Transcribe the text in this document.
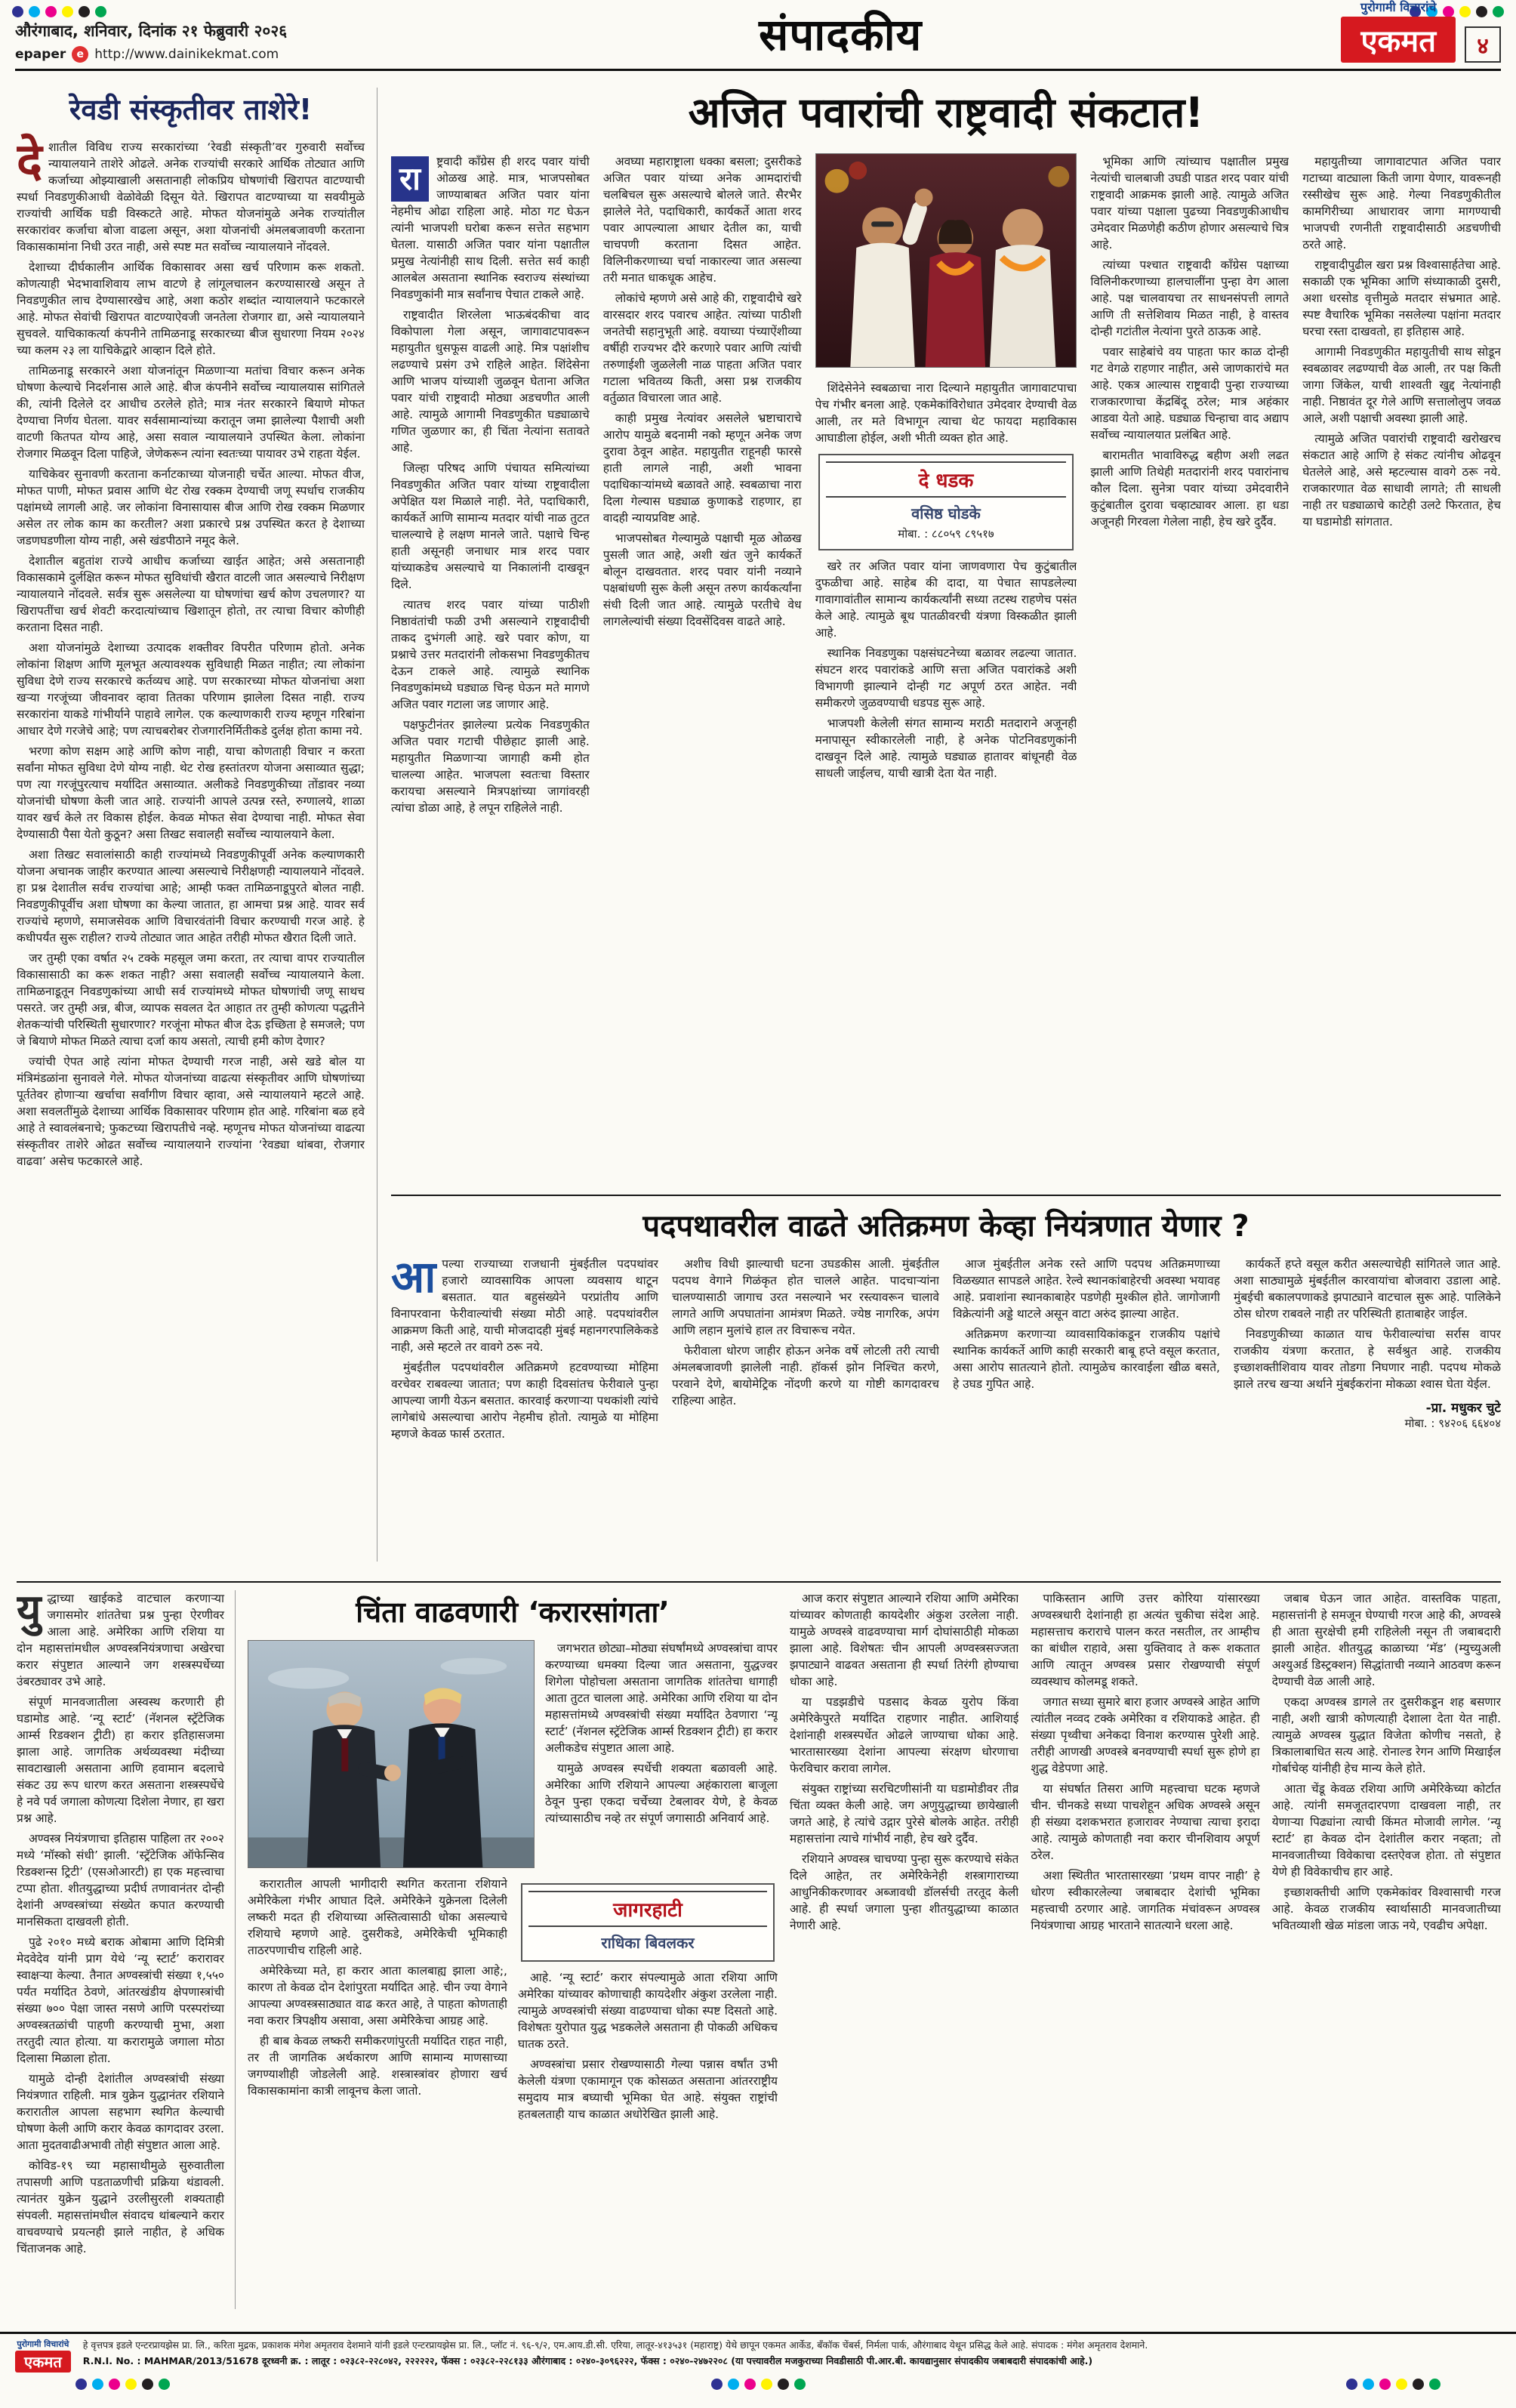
औरंगाबाद, शनिवार, दिनांक २१ फेब्रुवारी २०२६
epaper	e http://www.dainikekmat.com	संपादकीय
पुरोगामी विचारांचे
एकमत	४
रेवडी संस्कृतीवर ताशेरे!

देशातील विविध राज्य सरकारांच्या ‘रेवडी संस्कृती’वर गुरुवारी सर्वोच्च न्यायालयाने ताशेरे ओढले. अनेक राज्यांची सरकारे आर्थिक तोट्यात आणि कर्जाच्या ओझ्याखाली असतानाही लोकप्रिय घोषणांची खिरापत वाटण्याची स्पर्धा निवडणुकीआधी वेळोवेळी दिसून येते. खिरापत वाटण्याच्या या सवयीमुळे राज्यांची आर्थिक घडी विस्कटते आहे. मोफत योजनांमुळे अनेक राज्यांतील सरकारांवर कर्जाचा बोजा वाढला असून, अशा योजनांची अंमलबजावणी करताना विकासकामांना निधी उरत नाही, असे स्पष्ट मत सर्वोच्च न्यायालयाने नोंदवले.

देशाच्या दीर्घकालीन आर्थिक विकासावर असा खर्च परिणाम करू शकतो. कोणत्याही भेदभावाशिवाय लाभ वाटणे हे लांगूलचालन करण्यासारखे असून ते निवडणुकीत लाच देण्यासारखेच आहे, अशा कठोर शब्दांत न्यायालयाने फटकारले आहे. मोफत सेवांची खिरापत वाटण्याऐवजी जनतेला रोजगार द्या, असे न्यायालयाने सुचवले. याचिकाकर्त्या कंपनीने तामिळनाडू सरकारच्या बीज सुधारणा नियम २०२४ च्या कलम २३ ला याचिकेद्वारे आव्हान दिले होते.

तामिळनाडू सरकारने अशा योजनांतून मिळणाऱ्या मतांचा विचार करून अनेक घोषणा केल्याचे निदर्शनास आले आहे. बीज कंपनीने सर्वोच्च न्यायालयास सांगितले की, त्यांनी दिलेले दर आधीच ठरलेले होते; मात्र नंतर सरकारने बियाणे मोफत देण्याचा निर्णय घेतला. यावर सर्वसामान्यांच्या करातून जमा झालेल्या पैशाची अशी वाटणी कितपत योग्य आहे, असा सवाल न्यायालयाने उपस्थित केला. लोकांना रोजगार मिळवून दिला पाहिजे, जेणेकरून त्यांना स्वतःच्या पायावर उभे राहता येईल.

याचिकेवर सुनावणी करताना कर्नाटकाच्या योजनाही चर्चेत आल्या. मोफत वीज, मोफत पाणी, मोफत प्रवास आणि थेट रोख रक्कम देण्याची जणू स्पर्धाच राजकीय पक्षांमध्ये लागली आहे. जर लोकांना विनासायास बीज आणि रोख रक्कम मिळणार असेल तर लोक काम का करतील? अशा प्रकारचे प्रश्न उपस्थित करत हे देशाच्या जडणघडणीला योग्य नाही, असे खंडपीठाने नमूद केले.

देशातील बहुतांश राज्ये आधीच कर्जाच्या खाईत आहेत; असे असतानाही विकासकामे दुर्लक्षित करून मोफत सुविधांची खैरात वाटली जात असल्याचे निरीक्षण न्यायालयाने नोंदवले. सर्वत्र सुरू असलेल्या या घोषणांचा खर्च कोण उचलणार? या खिरापतींचा खर्च शेवटी करदात्यांच्याच खिशातून होतो, तर त्याचा विचार कोणीही करताना दिसत नाही.

अशा योजनांमुळे देशाच्या उत्पादक शक्तीवर विपरीत परिणाम होतो. अनेक लोकांना शिक्षण आणि मूलभूत अत्यावश्यक सुविधाही मिळत नाहीत; त्या लोकांना सुविधा देणे राज्य सरकारचे कर्तव्यच आहे. पण सरकारच्या मोफत योजनांचा अशा खऱ्या गरजूंच्या जीवनावर व्हावा तितका परिणाम झालेला दिसत नाही. राज्य सरकारांना याकडे गांभीर्याने पाहावे लागेल. एक कल्याणकारी राज्य म्हणून गरिबांना आधार देणे गरजेचे आहे; पण त्याचबरोबर रोजगारनिर्मितीकडे दुर्लक्ष होता कामा नये.

भरणा कोण सक्षम आहे आणि कोण नाही, याचा कोणताही विचार न करता सर्वांना मोफत सुविधा देणे योग्य नाही. थेट रोख हस्तांतरण योजना असाव्यात सुद्धा; पण त्या गरजूंपुरत्याच मर्यादित असाव्यात. अलीकडे निवडणुकीच्या तोंडावर नव्या योजनांची घोषणा केली जात आहे. राज्यांनी आपले उत्पन्न रस्ते, रुग्णालये, शाळा यावर खर्च केले तर विकास होईल. केवळ मोफत सेवा देण्याचा नाही. मोफत सेवा देण्यासाठी पैसा येतो कुठून? असा तिखट सवालही सर्वोच्च न्यायालयाने केला.

अशा तिखट सवालांसाठी काही राज्यांमध्ये निवडणुकीपूर्वी अनेक कल्याणकारी योजना अचानक जाहीर करण्यात आल्या असल्याचे निरीक्षणही न्यायालयाने नोंदवले. हा प्रश्न देशातील सर्वच राज्यांचा आहे; आम्ही फक्त तामिळनाडूपुरते बोलत नाही. निवडणुकीपूर्वीच अशा घोषणा का केल्या जातात, हा आमचा प्रश्न आहे. यावर सर्व राज्यांचे म्हणणे, समाजसेवक आणि विचारवंतांनी विचार करण्याची गरज आहे. हे कधीपर्यंत सुरू राहील? राज्ये तोट्यात जात आहेत तरीही मोफत खैरात दिली जाते.

जर तुम्ही एका वर्षात २५ टक्के महसूल जमा करता, तर त्याचा वापर राज्यातील विकासासाठी का करू शकत नाही? असा सवालही सर्वोच्च न्यायालयाने केला. तामिळनाडूतून निवडणुकांच्या आधी सर्व राज्यांमध्ये मोफत घोषणांची जणू साथच पसरते. जर तुम्ही अन्न, बीज, व्यापक सवलत देत आहात तर तुम्ही कोणत्या पद्धतीने शेतकऱ्यांची परिस्थिती सुधारणार? गरजूंना मोफत बीज देऊ इच्छिता हे समजले; पण जे बियाणे मोफत मिळते त्याचा दर्जा काय असतो, त्याची हमी कोण देणार?

ज्यांची ऐपत आहे त्यांना मोफत देण्याची गरज नाही, असे खडे बोल या मंत्रिमंडळांना सुनावले गेले. मोफत योजनांच्या वाढत्या संस्कृतीवर आणि घोषणांच्या पूर्ततेवर होणाऱ्या खर्चाचा सर्वांगीण विचार व्हावा, असे न्यायालयाने म्हटले आहे. अशा सवलतींमुळे देशाच्या आर्थिक विकासावर परिणाम होत आहे. गरिबांना बळ हवे आहे ते स्वावलंबनाचे; फुकटच्या खिरापतीचे नव्हे. म्हणूनच मोफत योजनांच्या वाढत्या संस्कृतीवर ताशेरे ओढत सर्वोच्च न्यायालयाने राज्यांना ‘रेवड्या थांबवा, रोजगार वाढवा’ असेच फटकारले आहे.

अजित पवारांची राष्ट्रवादी संकटात!

रा	ष्ट्रवादी काँग्रेस ही शरद पवार यांची ओळख आहे. मात्र, भाजपसोबत जाण्याबाबत अजित पवार यांना नेहमीच ओढा राहिला आहे. मोठा गट घेऊन त्यांनी भाजपशी घरोबा करून सत्तेत सहभाग घेतला. यासाठी अजित पवार यांना पक्षातील प्रमुख नेत्यांनीही साथ दिली. सत्तेत सर्व काही आलबेल असताना स्थानिक स्वराज्य संस्थांच्या निवडणुकांनी मात्र सर्वांनाच पेचात टाकले आहे.

राष्ट्रवादीत शिरलेला भाऊबंदकीचा वाद विकोपाला गेला असून, जागावाटपावरून महायुतीत धुसफूस वाढली आहे. मित्र पक्षांशीच लढण्याचे प्रसंग उभे राहिले आहेत. शिंदेसेना आणि भाजप यांच्याशी जुळवून घेताना अजित पवार यांची राष्ट्रवादी मोठ्या अडचणीत आली आहे. त्यामुळे आगामी निवडणुकीत घड्याळाचे गणित जुळणार का, ही चिंता नेत्यांना सतावते आहे.

जिल्हा परिषद आणि पंचायत समित्यांच्या निवडणुकीत अजित पवार यांच्या राष्ट्रवादीला अपेक्षित यश मिळाले नाही. नेते, पदाधिकारी, कार्यकर्ते आणि सामान्य मतदार यांची नाळ तुटत चालल्याचे हे लक्षण मानले जाते. पक्षाचे चिन्ह हाती असूनही जनाधार मात्र शरद पवार यांच्याकडेच असल्याचे या निकालांनी दाखवून दिले.

त्यातच शरद पवार यांच्या पाठीशी निष्ठावंतांची फळी उभी असल्याने राष्ट्रवादीची ताकद दुभंगली आहे. खरे पवार कोण, या प्रश्नाचे उत्तर मतदारांनी लोकसभा निवडणुकीतच देऊन टाकले आहे. त्यामुळे स्थानिक निवडणुकांमध्ये घड्याळ चिन्ह घेऊन मते मागणे अजित पवार गटाला जड जाणार आहे.

पक्षफुटीनंतर झालेल्या प्रत्येक निवडणुकीत अजित पवार गटाची पीछेहाट झाली आहे. महायुतीत मिळणाऱ्या जागाही कमी होत चालल्या आहेत. भाजपला स्वतःचा विस्तार करायचा असल्याने मित्रपक्षांच्या जागांवरही त्यांचा डोळा आहे, हे लपून राहिलेले नाही.

अवघ्या महाराष्ट्राला धक्का बसला; दुसरीकडे अजित पवार यांच्या अनेक आमदारांची चलबिचल सुरू असल्याचे बोलले जाते. सैरभैर झालेले नेते, पदाधिकारी, कार्यकर्ते आता शरद पवार आपल्याला आधार देतील का, याची चाचपणी करताना दिसत आहेत. विलिनीकरणाच्या चर्चा नाकारल्या जात असल्या तरी मनात धाकधूक आहेच.

लोकांचे म्हणणे असे आहे की, राष्ट्रवादीचे खरे वारसदार शरद पवारच आहेत. त्यांच्या पाठीशी जनतेची सहानुभूती आहे. वयाच्या पंच्याऐंशीव्या वर्षीही राज्यभर दौरे करणारे पवार आणि त्यांची तरुणाईशी जुळलेली नाळ पाहता अजित पवार गटाला भवितव्य किती, असा प्रश्न राजकीय वर्तुळात विचारला जात आहे.

काही प्रमुख नेत्यांवर असलेले भ्रष्टाचाराचे आरोप यामुळे बदनामी नको म्हणून अनेक जण दुरावा ठेवून आहेत. महायुतीत राहूनही फारसे हाती लागले नाही, अशी भावना पदाधिकाऱ्यांमध्ये बळावते आहे. स्वबळाचा नारा दिला गेल्यास घड्याळ कुणाकडे राहणार, हा वादही न्यायप्रविष्ट आहे.

भाजपसोबत गेल्यामुळे पक्षाची मूळ ओळख पुसली जात आहे, अशी खंत जुने कार्यकर्ते बोलून दाखवतात. शरद पवार यांनी नव्याने पक्षबांधणी सुरू केली असून तरुण कार्यकर्त्यांना संधी दिली जात आहे. त्यामुळे परतीचे वेध लागलेल्यांची संख्या दिवसेंदिवस वाढते आहे.

शिंदेसेनेने स्वबळाचा नारा दिल्याने महायुतीत जागावाटपाचा पेच गंभीर बनला आहे. एकमेकांविरोधात उमेदवार देण्याची वेळ आली, तर मते विभागून त्याचा थेट फायदा महाविकास आघाडीला होईल, अशी भीती व्यक्त होत आहे.

दे धडक
वसिष्ठ घोडके
मोबा. : ८८०५९ ८९५१७

खरे तर अजित पवार यांना जाणवणारा पेच कुटुंबातील दुफळीचा आहे. साहेब की दादा, या पेचात सापडलेल्या गावागावांतील सामान्य कार्यकर्त्यांनी सध्या तटस्थ राहणेच पसंत केले आहे. त्यामुळे बूथ पातळीवरची यंत्रणा विस्कळीत झाली आहे.

स्थानिक निवडणुका पक्षसंघटनेच्या बळावर लढल्या जातात. संघटन शरद पवारांकडे आणि सत्ता अजित पवारांकडे अशी विभागणी झाल्याने दोन्ही गट अपूर्ण ठरत आहेत. नवी समीकरणे जुळवण्याची धडपड सुरू आहे.

भाजपशी केलेली संगत सामान्य मराठी मतदाराने अजूनही मनापासून स्वीकारलेली नाही, हे अनेक पोटनिवडणुकांनी दाखवून दिले आहे. त्यामुळे घड्याळ हातावर बांधूनही वेळ साधली जाईलच, याची खात्री देता येत नाही.

भूमिका आणि त्यांच्याच पक्षातील प्रमुख नेत्यांची चालबाजी उघडी पाडत शरद पवार यांची राष्ट्रवादी आक्रमक झाली आहे. त्यामुळे अजित पवार यांच्या पक्षाला पुढच्या निवडणुकीआधीच उमेदवार मिळणेही कठीण होणार असल्याचे चित्र आहे.

त्यांच्या पश्चात राष्ट्रवादी काँग्रेस पक्षाच्या विलिनीकरणाच्या हालचालींना पुन्हा वेग आला आहे. पक्ष चालवायचा तर साधनसंपत्ती लागते आणि ती सत्तेशिवाय मिळत नाही, हे वास्तव दोन्ही गटांतील नेत्यांना पुरते ठाऊक आहे.

पवार साहेबांचे वय पाहता फार काळ दोन्ही गट वेगळे राहणार नाहीत, असे जाणकारांचे मत आहे. एकत्र आल्यास राष्ट्रवादी पुन्हा राज्याच्या राजकारणाचा केंद्रबिंदू ठरेल; मात्र अहंकार आडवा येतो आहे. घड्याळ चिन्हाचा वाद अद्याप सर्वोच्च न्यायालयात प्रलंबित आहे.

बारामतीत भावाविरुद्ध बहीण अशी लढत झाली आणि तिथेही मतदारांनी शरद पवारांनाच कौल दिला. सुनेत्रा पवार यांच्या उमेदवारीने कुटुंबातील दुरावा चव्हाट्यावर आला. हा धडा अजूनही गिरवला गेलेला नाही, हेच खरे दुर्दैव.

महायुतीच्या जागावाटपात अजित पवार गटाच्या वाट्याला किती जागा येणार, यावरूनही रस्सीखेच सुरू आहे. गेल्या निवडणुकीतील कामगिरीच्या आधारावर जागा मागण्याची भाजपची रणनीती राष्ट्रवादीसाठी अडचणीची ठरते आहे.

राष्ट्रवादीपुढील खरा प्रश्न विश्वासार्हतेचा आहे. सकाळी एक भूमिका आणि संध्याकाळी दुसरी, अशा धरसोड वृत्तीमुळे मतदार संभ्रमात आहे. स्पष्ट वैचारिक भूमिका नसलेल्या पक्षांना मतदार घरचा रस्ता दाखवतो, हा इतिहास आहे.

आगामी निवडणुकीत महायुतीची साथ सोडून स्वबळावर लढण्याची वेळ आली, तर पक्ष किती जागा जिंकेल, याची शाश्वती खुद्द नेत्यांनाही नाही. निष्ठावंत दूर गेले आणि सत्तालोलुप जवळ आले, अशी पक्षाची अवस्था झाली आहे.

त्यामुळे अजित पवारांची राष्ट्रवादी खरोखरच संकटात आहे आणि हे संकट त्यांनीच ओढवून घेतलेले आहे, असे म्हटल्यास वावगे ठरू नये. राजकारणात वेळ साधावी लागते; ती साधली नाही तर घड्याळाचे काटेही उलटे फिरतात, हेच या घडामोडी सांगतात.

पदपथावरील वाढते अतिक्रमण केव्हा नियंत्रणात येणार ?

आपल्या राज्याच्या राजधानी मुंबईतील पदपथांवर हजारो व्यावसायिक आपला व्यवसाय थाटून बसतात. यात बहुसंख्येने परप्रांतीय आणि विनापरवाना फेरीवाल्यांची संख्या मोठी आहे. पदपथांवरील आक्रमण किती आहे, याची मोजदादही मुंबई महानगरपालिकेकडे नाही, असे म्हटले तर वावगे ठरू नये.

मुंबईतील पदपथांवरील अतिक्रमणे हटवण्याच्या मोहिमा वरचेवर राबवल्या जातात; पण काही दिवसांतच फेरीवाले पुन्हा आपल्या जागी येऊन बसतात. कारवाई करणाऱ्या पथकांशी त्यांचे लागेबांधे असल्याचा आरोप नेहमीच होतो. त्यामुळे या मोहिमा म्हणजे केवळ फार्स ठरतात.

अशीच विधी झाल्याची घटना उघडकीस आली. मुंबईतील पदपथ वेगाने गिळंकृत होत चालले आहेत. पादचाऱ्यांना चालण्यासाठी जागाच उरत नसल्याने भर रस्त्यावरून चालावे लागते आणि अपघातांना आमंत्रण मिळते. ज्येष्ठ नागरिक, अपंग आणि लहान मुलांचे हाल तर विचारूच नयेत.

फेरीवाला धोरण जाहीर होऊन अनेक वर्षे लोटली तरी त्याची अंमलबजावणी झालेली नाही. हॉकर्स झोन निश्चित करणे, परवाने देणे, बायोमेट्रिक नोंदणी करणे या गोष्टी कागदावरच राहिल्या आहेत.

आज मुंबईतील अनेक रस्ते आणि पदपथ अतिक्रमणाच्या विळख्यात सापडले आहेत. रेल्वे स्थानकांबाहेरची अवस्था भयावह आहे. प्रवाशांना स्थानकाबाहेर पडणेही मुश्कील होते. जागोजागी विक्रेत्यांनी अड्डे थाटले असून वाटा अरुंद झाल्या आहेत.

अतिक्रमण करणाऱ्या व्यावसायिकांकडून राजकीय पक्षांचे स्थानिक कार्यकर्ते आणि काही सरकारी बाबू हप्ते वसूल करतात, असा आरोप सातत्याने होतो. त्यामुळेच कारवाईला खीळ बसते, हे उघड गुपित आहे.

कार्यकर्ते हप्ते वसूल करीत असल्याचेही सांगितले जात आहे. अशा साठ्यामुळे मुंबईतील कारवायांचा बोजवारा उडाला आहे. मुंबईची बकालपणाकडे झपाट्याने वाटचाल सुरू आहे. पालिकेने ठोस धोरण राबवले नाही तर परिस्थिती हाताबाहेर जाईल.

निवडणुकीच्या काळात याच फेरीवाल्यांचा सर्रास वापर राजकीय यंत्रणा करतात, हे सर्वश्रुत आहे. राजकीय इच्छाशक्तीशिवाय यावर तोडगा निघणार नाही. पदपथ मोकळे झाले तरच खऱ्या अर्थाने मुंबईकरांना मोकळा श्वास घेता येईल.

-प्रा. मधुकर चुटे
मोबा. : ९४२०६ ६६४०४

युद्धाच्या खाईकडे वाटचाल करणाऱ्या जगासमोर शांततेचा प्रश्न पुन्हा ऐरणीवर आला आहे. अमेरिका आणि रशिया या दोन महासत्तांमधील अण्वस्त्रनियंत्रणाचा अखेरचा करार संपुष्टात आल्याने जग शस्त्रस्पर्धेच्या उंबरठ्यावर उभे आहे.

संपूर्ण मानवजातीला अस्वस्थ करणारी ही घडामोड आहे. ‘न्यू स्टार्ट’ (नॅशनल स्ट्रॅटेजिक आर्म्स रिडक्शन ट्रीटी) हा करार इतिहासजमा झाला आहे. जागतिक अर्थव्यवस्था मंदीच्या सावटाखाली असताना आणि हवामान बदलाचे संकट उग्र रूप धारण करत असताना शस्त्रस्पर्धेचे हे नवे पर्व जगाला कोणत्या दिशेला नेणार, हा खरा प्रश्न आहे.

अण्वस्त्र नियंत्रणाचा इतिहास पाहिला तर २००२ मध्ये ‘मॉस्को संधी’ झाली. ‘स्ट्रॅटेजिक ऑफेन्सिव रिडक्शन्स ट्रिटी’ (एसओआरटी) हा एक महत्त्वाचा टप्पा होता. शीतयुद्धाच्या प्रदीर्घ तणावानंतर दोन्ही देशांनी अण्वस्त्रांच्या संख्येत कपात करण्याची मानसिकता दाखवली होती.

पुढे २०१० मध्ये बराक ओबामा आणि दिमित्री मेदवेदेव यांनी प्राग येथे ‘न्यू स्टार्ट’ करारावर स्वाक्षऱ्या केल्या. तैनात अण्वस्त्रांची संख्या १,५५० पर्यंत मर्यादित ठेवणे, आंतरखंडीय क्षेपणास्त्रांची संख्या ७०० पेक्षा जास्त नसणे आणि परस्परांच्या अण्वस्त्रतळांची पाहणी करण्याची मुभा, अशा तरतुदी त्यात होत्या. या करारामुळे जगाला मोठा दिलासा मिळाला होता.

यामुळे दोन्ही देशांतील अण्वस्त्रांची संख्या नियंत्रणात राहिली. मात्र युक्रेन युद्धानंतर रशियाने करारातील आपला सहभाग स्थगित केल्याची घोषणा केली आणि करार केवळ कागदावर उरला. आता मुदतवाढीअभावी तोही संपुष्टात आला आहे.

कोविड-१९ च्या महासाथीमुळे सुरुवातीला तपासणी आणि पडताळणीची प्रक्रिया थंडावली. त्यानंतर युक्रेन युद्धाने उरलीसुरली शक्यताही संपवली. महासत्तांमधील संवादच थांबल्याने करार वाचवण्याचे प्रयत्नही झाले नाहीत, हे अधिक चिंताजनक आहे.

चिंता वाढवणारी ‘करारसांगता’

जगभरात छोट्या–मोठ्या संघर्षांमध्ये अण्वस्त्रांचा वापर करण्याच्या धमक्या दिल्या जात असताना, युद्धज्वर शिगेला पोहोचला असताना जागतिक शांततेचा धागाही आता तुटत चालला आहे. अमेरिका आणि रशिया या दोन महासत्तांमध्ये अण्वस्त्रांची संख्या मर्यादित ठेवणारा ‘न्यू स्टार्ट’ (नॅशनल स्ट्रॅटेजिक आर्म्स रिडक्शन ट्रीटी) हा करार अलीकडेच संपुष्टात आला आहे.

यामुळे अण्वस्त्र स्पर्धेची शक्यता बळावली आहे. अमेरिका आणि रशियाने आपल्या अहंकाराला बाजूला ठेवून पुन्हा एकदा चर्चेच्या टेबलावर येणे, हे केवळ त्यांच्यासाठीच नव्हे तर संपूर्ण जगासाठी अनिवार्य आहे.

करारातील आपली भागीदारी स्थगित करताना रशियाने अमेरिकेला गंभीर आघात दिले. अमेरिकेने युक्रेनला दिलेली लष्करी मदत ही रशियाच्या अस्तित्वासाठी धोका असल्याचे रशियाचे म्हणणे आहे. दुसरीकडे, अमेरिकेची भूमिकाही ताठरपणाचीच राहिली आहे.

अमेरिकेच्या मते, हा करार आता कालबाह्य झाला आहे;, कारण तो केवळ दोन देशांपुरता मर्यादित आहे. चीन ज्या वेगाने आपल्या अण्वस्त्रसाठ्यात वाढ करत आहे, ते पाहता कोणताही नवा करार त्रिपक्षीय असावा, असा अमेरिकेचा आग्रह आहे.

ही बाब केवळ लष्करी समीकरणांपुरती मर्यादित राहत नाही, तर ती जागतिक अर्थकारण आणि सामान्य माणसाच्या जगण्याशीही जोडलेली आहे. शस्त्रास्त्रांवर होणारा खर्च विकासकामांना कात्री लावूनच केला जातो.

जागरहाटी
राधिका बिवलकर

आहे. ‘न्यू स्टार्ट’ करार संपल्यामुळे आता रशिया आणि अमेरिका यांच्यावर कोणाचाही कायदेशीर अंकुश उरलेला नाही. त्यामुळे अण्वस्त्रांची संख्या वाढण्याचा धोका स्पष्ट दिसतो आहे. विशेषतः युरोपात युद्ध भडकलेले असताना ही पोकळी अधिकच घातक ठरते.

अण्वस्त्रांचा प्रसार रोखण्यासाठी गेल्या पन्नास वर्षांत उभी केलेली यंत्रणा एकामागून एक कोसळत असताना आंतरराष्ट्रीय समुदाय मात्र बघ्याची भूमिका घेत आहे. संयुक्त राष्ट्रांची हतबलताही याच काळात अधोरेखित झाली आहे.

आज करार संपुष्टात आल्याने रशिया आणि अमेरिका यांच्यावर कोणताही कायदेशीर अंकुश उरलेला नाही. यामुळे अण्वस्त्रे वाढवण्याचा मार्ग दोघांसाठीही मोकळा झाला आहे. विशेषतः चीन आपली अण्वस्त्रसज्जता झपाट्याने वाढवत असताना ही स्पर्धा तिरंगी होण्याचा धोका आहे.

या पडझडीचे पडसाद केवळ युरोप किंवा अमेरिकेपुरते मर्यादित राहणार नाहीत. आशियाई देशांनाही शस्त्रस्पर्धेत ओढले जाण्याचा धोका आहे. भारतासारख्या देशांना आपल्या संरक्षण धोरणाचा फेरविचार करावा लागेल.

संयुक्त राष्ट्रांच्या सरचिटणीसांनी या घडामोडीवर तीव्र चिंता व्यक्त केली आहे. जग अणुयुद्धाच्या छायेखाली जगते आहे, हे त्यांचे उद्गार पुरेसे बोलके आहेत. तरीही महासत्तांना त्याचे गांभीर्य नाही, हेच खरे दुर्दैव.

रशियाने अण्वस्त्र चाचण्या पुन्हा सुरू करण्याचे संकेत दिले आहेत, तर अमेरिकेनेही शस्त्रागाराच्या आधुनिकीकरणावर अब्जावधी डॉलर्सची तरतूद केली आहे. ही स्पर्धा जगाला पुन्हा शीतयुद्धाच्या काळात नेणारी आहे.

पाकिस्तान आणि उत्तर कोरिया यांसारख्या अण्वस्त्रधारी देशांनाही हा अत्यंत चुकीचा संदेश आहे. महासत्ताच कराराचे पालन करत नसतील, तर आम्हीच का बांधील राहावे, असा युक्तिवाद ते करू शकतात आणि त्यातून अण्वस्त्र प्रसार रोखण्याची संपूर्ण व्यवस्थाच कोलमडू शकते.

जगात सध्या सुमारे बारा हजार अण्वस्त्रे आहेत आणि त्यांतील नव्वद टक्के अमेरिका व रशियाकडे आहेत. ही संख्या पृथ्वीचा अनेकदा विनाश करण्यास पुरेशी आहे. तरीही आणखी अण्वस्त्रे बनवण्याची स्पर्धा सुरू होणे हा शुद्ध वेडेपणा आहे.

या संघर्षात तिसरा आणि महत्त्वाचा घटक म्हणजे चीन. चीनकडे सध्या पाचशेहून अधिक अण्वस्त्रे असून ही संख्या दशकभरात हजारावर नेण्याचा त्याचा इरादा आहे. त्यामुळे कोणताही नवा करार चीनशिवाय अपूर्ण ठरेल.

अशा स्थितीत भारतासारख्या ‘प्रथम वापर नाही’ हे धोरण स्वीकारलेल्या जबाबदार देशांची भूमिका महत्त्वाची ठरणार आहे. जागतिक मंचांवरून अण्वस्त्र नियंत्रणाचा आग्रह भारताने सातत्याने धरला आहे.

जबाब घेऊन जात आहेत. वास्तविक पाहता, महासत्तांनी हे समजून घेण्याची गरज आहे की, अण्वस्त्रे ही आता सुरक्षेची हमी राहिलेली नसून ती जबाबदारी झाली आहेत. शीतयुद्ध काळाच्या ‘मॅड’ (म्युच्युअली अश्युअर्ड डिस्ट्रक्शन) सिद्धांताची नव्याने आठवण करून देण्याची वेळ आली आहे.

एकदा अण्वस्त्र डागले तर दुसरीकडून शह बसणार नाही, अशी खात्री कोणत्याही देशाला देता येत नाही. त्यामुळे अण्वस्त्र युद्धात विजेता कोणीच नसतो, हे त्रिकालाबाधित सत्य आहे. रोनाल्ड रेगन आणि मिखाईल गोर्बाचेव्ह यांनीही हेच मान्य केले होते.

आता चेंडू केवळ रशिया आणि अमेरिकेच्या कोर्टात आहे. त्यांनी समजूतदारपणा दाखवला नाही, तर येणाऱ्या पिढ्यांना त्याची किंमत मोजावी लागेल. ‘न्यू स्टार्ट’ हा केवळ दोन देशांतील करार नव्हता; तो मानवजातीच्या विवेकाचा दस्तऐवज होता. तो संपुष्टात येणे ही विवेकाचीच हार आहे.

इच्छाशक्तीची आणि एकमेकांवर विश्वासाची गरज आहे. केवळ राजकीय स्वार्थासाठी मानवजातीच्या भवितव्याशी खेळ मांडला जाऊ नये, एवढीच अपेक्षा.

पुरोगामी विचारांचे
एकमत
हे वृत्तपत्र इडले एन्टरप्रायझेस प्रा. लि., करिता मुद्रक, प्रकाशक मंगेश अमृतराव देशमाने यांनी इडले एन्टरप्रायझेस प्रा. लि., प्लॉट नं. ९६-९/२, एम.आय.डी.सी. एरिया, लातूर-४१३५३१ (महाराष्ट्र) येथे छापून एकमत आर्केड, बँकॉक चेंबर्स, निर्मला पार्क, औरंगाबाद येथून प्रसिद्ध केले आहे. संपादक : मंगेश अमृतराव देशमाने.
R.N.I. No. : MAHMAR/2013/51678 दूरध्वनी क्र. : लातूर : ०२३८२-२२८०४२, २२२२२२, फॅक्स : ०२३८२-२२८१३३ औरंगाबाद : ०२४०-३०९६२२२, फॅक्स : ०२४०-२४७२२०८ (या पत्त्यावरील मजकुराच्या निवडीसाठी पी.आर.बी. कायद्यानुसार संपादकीय जबाबदारी संपादकांची आहे.)
